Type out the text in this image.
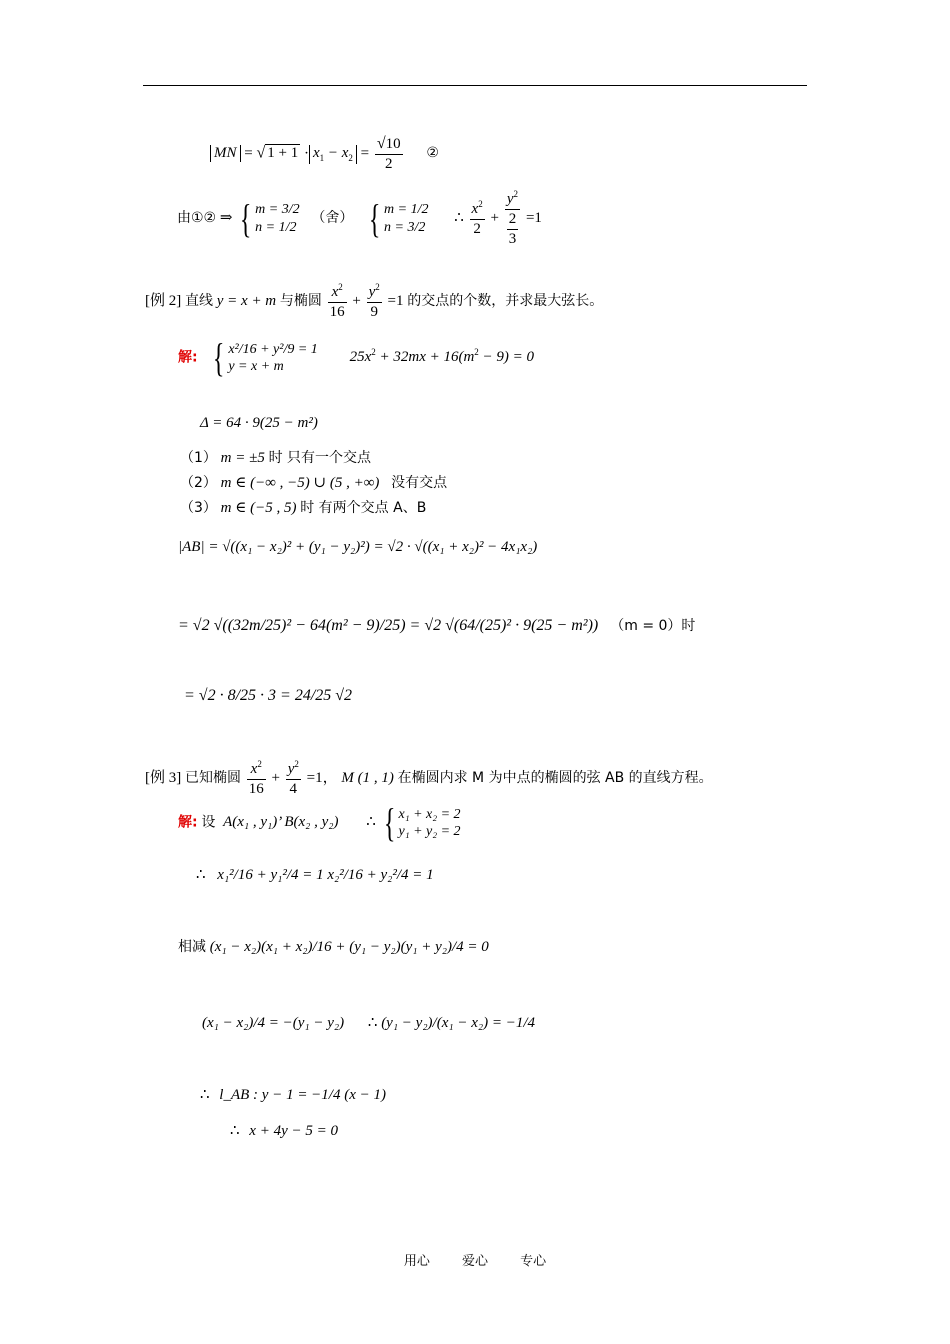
MN = √ $1 + 1 \cdot x_1 - x_2 = \frac{√10}{2}$ ②
由①② ⇒ { m = 3/2
n = 1/2
（舍） { m = 1/2
n = 3/2
∴ $\frac{x^2}{2} + \frac{y^2}{\frac{2}{3}} =1$
[例 2] 直线 y = x + m 与椭圆 $\frac{x^2}{16} + \frac{y^2}{9} =1$ 的交点的个数，并求最大弦长。
解: { x²/16 + y²/9 = 1
y = x + m
$25x^2 + 32mx + 16(m^2 - 9) = 0$
Δ = 64 · 9(25 − m²)
（1） m = ±5 时 只有一个交点
（2） m ∈ (−∞ , −5) ∪ (5 , +∞) 没有交点
（3） m ∈ (−5 , 5) 时 有两个交点 A、B
|AB| = √((x₁ − x₂)² + (y₁ − y₂)²) = √2 · √((x₁ + x₂)² − 4x₁x₂)
= √2 √((32m/25)² − 64(m² − 9)/25) = √2 √(64/(25)² · 9(25 − m²)) （m = 0）时
= √2 · 8/25 · 3 = 24/25 √2
[例 3] 已知椭圆 $\frac{x^2}{16} + \frac{y^2}{4} =1$， M (1 , 1) 在椭圆内求 M 为中点的椭圆的弦 AB 的直线方程。
解: 设 A(x₁ , y₁)’ B(x₂ , y₂) ∴ { x₁ + x₂ = 2
y₁ + y₂ = 2
∴ x₁²/16 + y₁²/4 = 1 x₂²/16 + y₂²/4 = 1
相减 (x₁ − x₂)(x₁ + x₂)/16 + (y₁ − y₂)(y₁ + y₂)/4 = 0
(x₁ − x₂)/4 = −(y₁ − y₂) ∴ (y₁ − y₂)/(x₁ − x₂) = −1/4
∴ l_AB : y − 1 = −1/4 (x − 1)
∴ x + 4y − 5 = 0
用心 爱心 专心
